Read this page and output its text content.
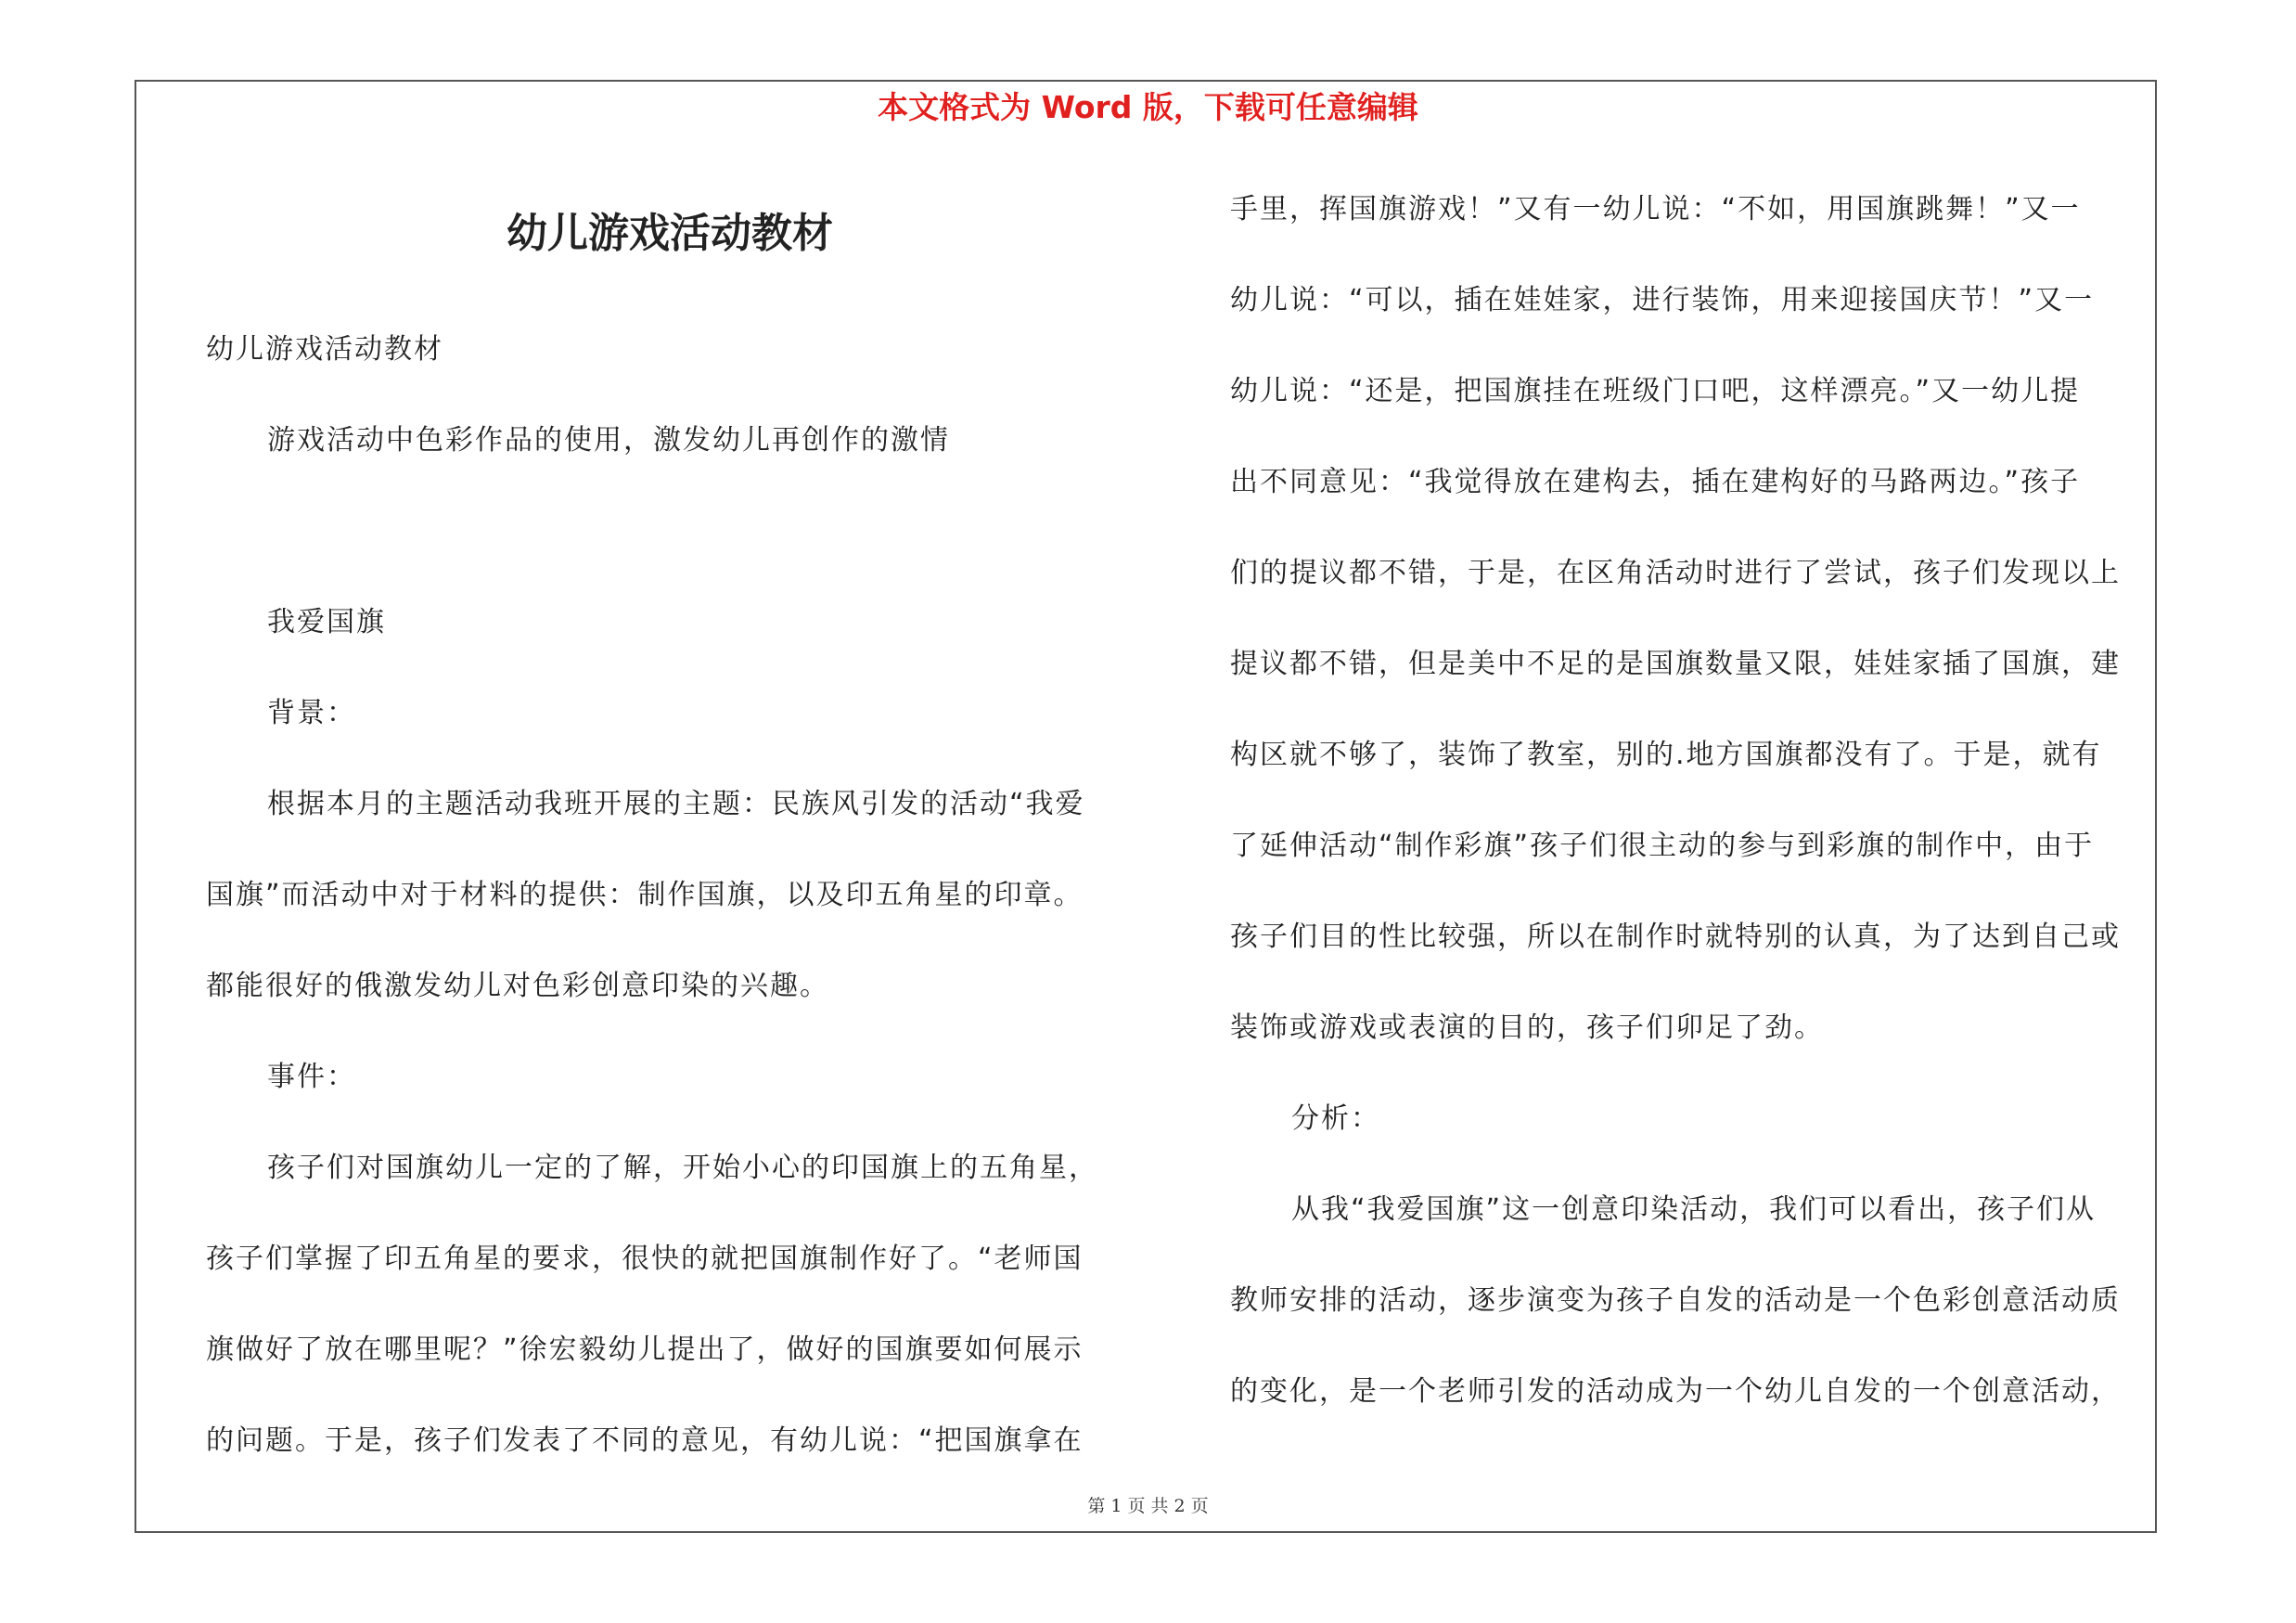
本文格式为 Word 版，下载可任意编辑
幼儿游戏活动教材
幼儿游戏活动教材
游戏活动中色彩作品的使用，激发幼儿再创作的激情
我爱国旗
背景：
根据本月的主题活动我班开展的主题：民族风引发的活动“我爱
国旗”而活动中对于材料的提供：制作国旗，以及印五角星的印章。
都能很好的俄激发幼儿对色彩创意印染的兴趣。
事件：
孩子们对国旗幼儿一定的了解，开始小心的印国旗上的五角星，
孩子们掌握了印五角星的要求，很快的就把国旗制作好了。“老师国
旗做好了放在哪里呢？”徐宏毅幼儿提出了，做好的国旗要如何展示
的问题。于是，孩子们发表了不同的意见，有幼儿说：“把国旗拿在
手里，挥国旗游戏！”又有一幼儿说：“不如，用国旗跳舞！”又一
幼儿说：“可以，插在娃娃家，进行装饰，用来迎接国庆节！”又一
幼儿说：“还是，把国旗挂在班级门口吧，这样漂亮。”又一幼儿提
出不同意见：“我觉得放在建构去，插在建构好的马路两边。”孩子
们的提议都不错，于是，在区角活动时进行了尝试，孩子们发现以上
提议都不错，但是美中不足的是国旗数量又限，娃娃家插了国旗，建
构区就不够了，装饰了教室，别的.地方国旗都没有了。于是，就有
了延伸活动“制作彩旗”孩子们很主动的参与到彩旗的制作中，由于
孩子们目的性比较强，所以在制作时就特别的认真，为了达到自己或
装饰或游戏或表演的目的，孩子们卯足了劲。
分析：
从我“我爱国旗”这一创意印染活动，我们可以看出，孩子们从
教师安排的活动，逐步演变为孩子自发的活动是一个色彩创意活动质
的变化，是一个老师引发的活动成为一个幼儿自发的一个创意活动，
第 1 页 共 2 页
